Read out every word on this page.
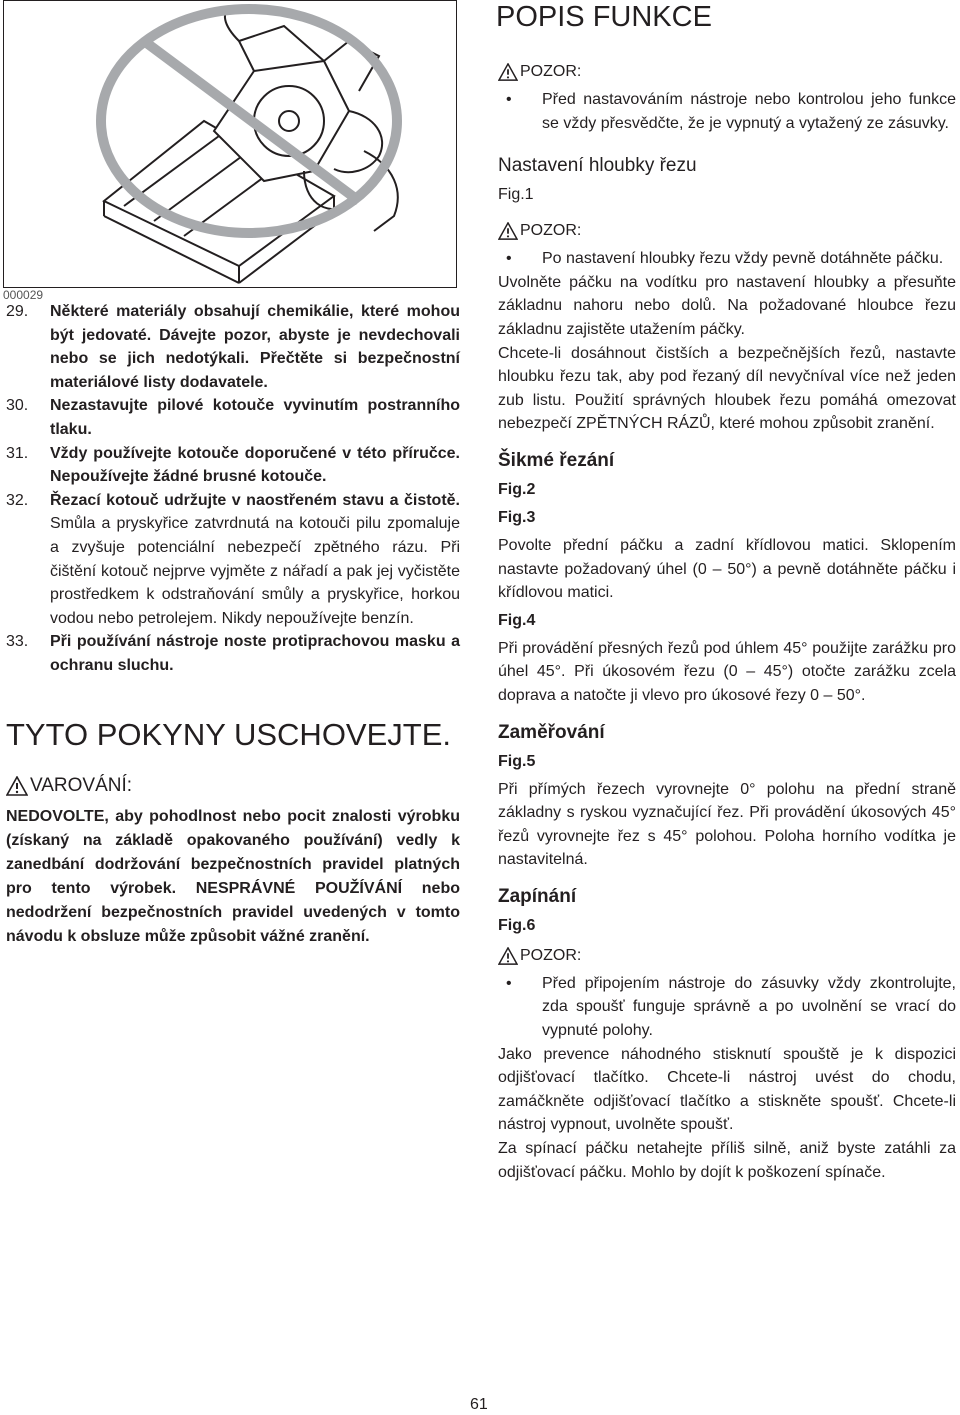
000029
29.	Některé materiály obsahují chemikálie, které mohou být jedovaté. Dávejte pozor, abyste je nevdechovali nebo se jich nedotýkali. Přečtěte si bezpečnostní materiálové listy dodavatele.
30.	Nezastavujte pilové kotouče vyvinutím postranního tlaku.
31.	Vždy používejte kotouče doporučené v této příručce. Nepoužívejte žádné brusné kotouče.
32.	Řezací kotouč udržujte v naostřeném stavu a čistotě. Smůla a pryskyřice zatvrdnutá na kotouči pilu zpomaluje a zvyšuje potenciální nebezpečí zpětného rázu. Při čištění kotouč nejprve vyjměte z nářadí a pak jej vyčistěte prostředkem k odstraňování smůly a pryskyřice, horkou vodou nebo petrolejem. Nikdy nepoužívejte benzín.
33.	Při používání nástroje noste protiprachovou masku a ochranu sluchu.
TYTO POKYNY USCHOVEJTE.
VAROVÁNÍ:

NEDOVOLTE, aby pohodlnost nebo pocit znalosti výrobku (získaný na základě opakovaného používání) vedly k zanedbání dodržování bezpečnostních pravidel platných pro tento výrobek. NESPRÁVNÉ POUŽÍVÁNÍ nebo nedodržení bezpečnostních pravidel uvedených v tomto návodu k obsluze může způsobit vážné zranění.

POPIS FUNKCE
POZOR:
•	Před nastavováním nástroje nebo kontrolou jeho funkce se vždy přesvědčte, že je vypnutý a vytažený ze zásuvky.
Nastavení hloubky řezu
Fig.1
POZOR:
•	Po nastavení hloubky řezu vždy pevně dotáhněte páčku.

Uvolněte páčku na vodítku pro nastavení hloubky a přesuňte základnu nahoru nebo dolů. Na požadované hloubce řezu základnu zajistěte utažením páčky.

Chcete-li dosáhnout čistších a bezpečnějších řezů, nastavte hloubku řezu tak, aby pod řezaný díl nevyčníval více než jeden zub listu. Použití správných hloubek řezu pomáhá omezovat nebezpečí ZPĚTNÝCH RÁZŮ, které mohou způsobit zranění.

Šikmé řezání
Fig.2
Fig.3

Povolte přední páčku a zadní křídlovou matici. Sklopením nastavte požadovaný úhel (0 – 50°) a pevně dotáhněte páčku i křídlovou matici.

Fig.4

Při provádění přesných řezů pod úhlem 45° použijte zarážku pro úhel 45°. Při úkosovém řezu (0 – 45°) otočte zarážku zcela doprava a natočte ji vlevo pro úkosové řezy 0 – 50°.

Zaměřování
Fig.5

Při přímých řezech vyrovnejte 0° polohu na přední straně základny s ryskou vyznačující řez. Při provádění úkosových 45° řezů vyrovnejte řez s 45° polohou. Poloha horního vodítka je nastavitelná.

Zapínání
Fig.6
POZOR:
•	Před připojením nástroje do zásuvky vždy zkontrolujte, zda spoušť funguje správně a po uvolnění se vrací do vypnuté polohy.

Jako prevence náhodného stisknutí spouště je k dispozici odjišťovací tlačítko. Chcete-li nástroj uvést do chodu, zamáčkněte odjišťovací tlačítko a stiskněte spoušť. Chcete-li nástroj vypnout, uvolněte spoušť.

Za spínací páčku netahejte příliš silně, aniž byste zatáhli za odjišťovací páčku. Mohlo by dojít k poškození spínače.

61
